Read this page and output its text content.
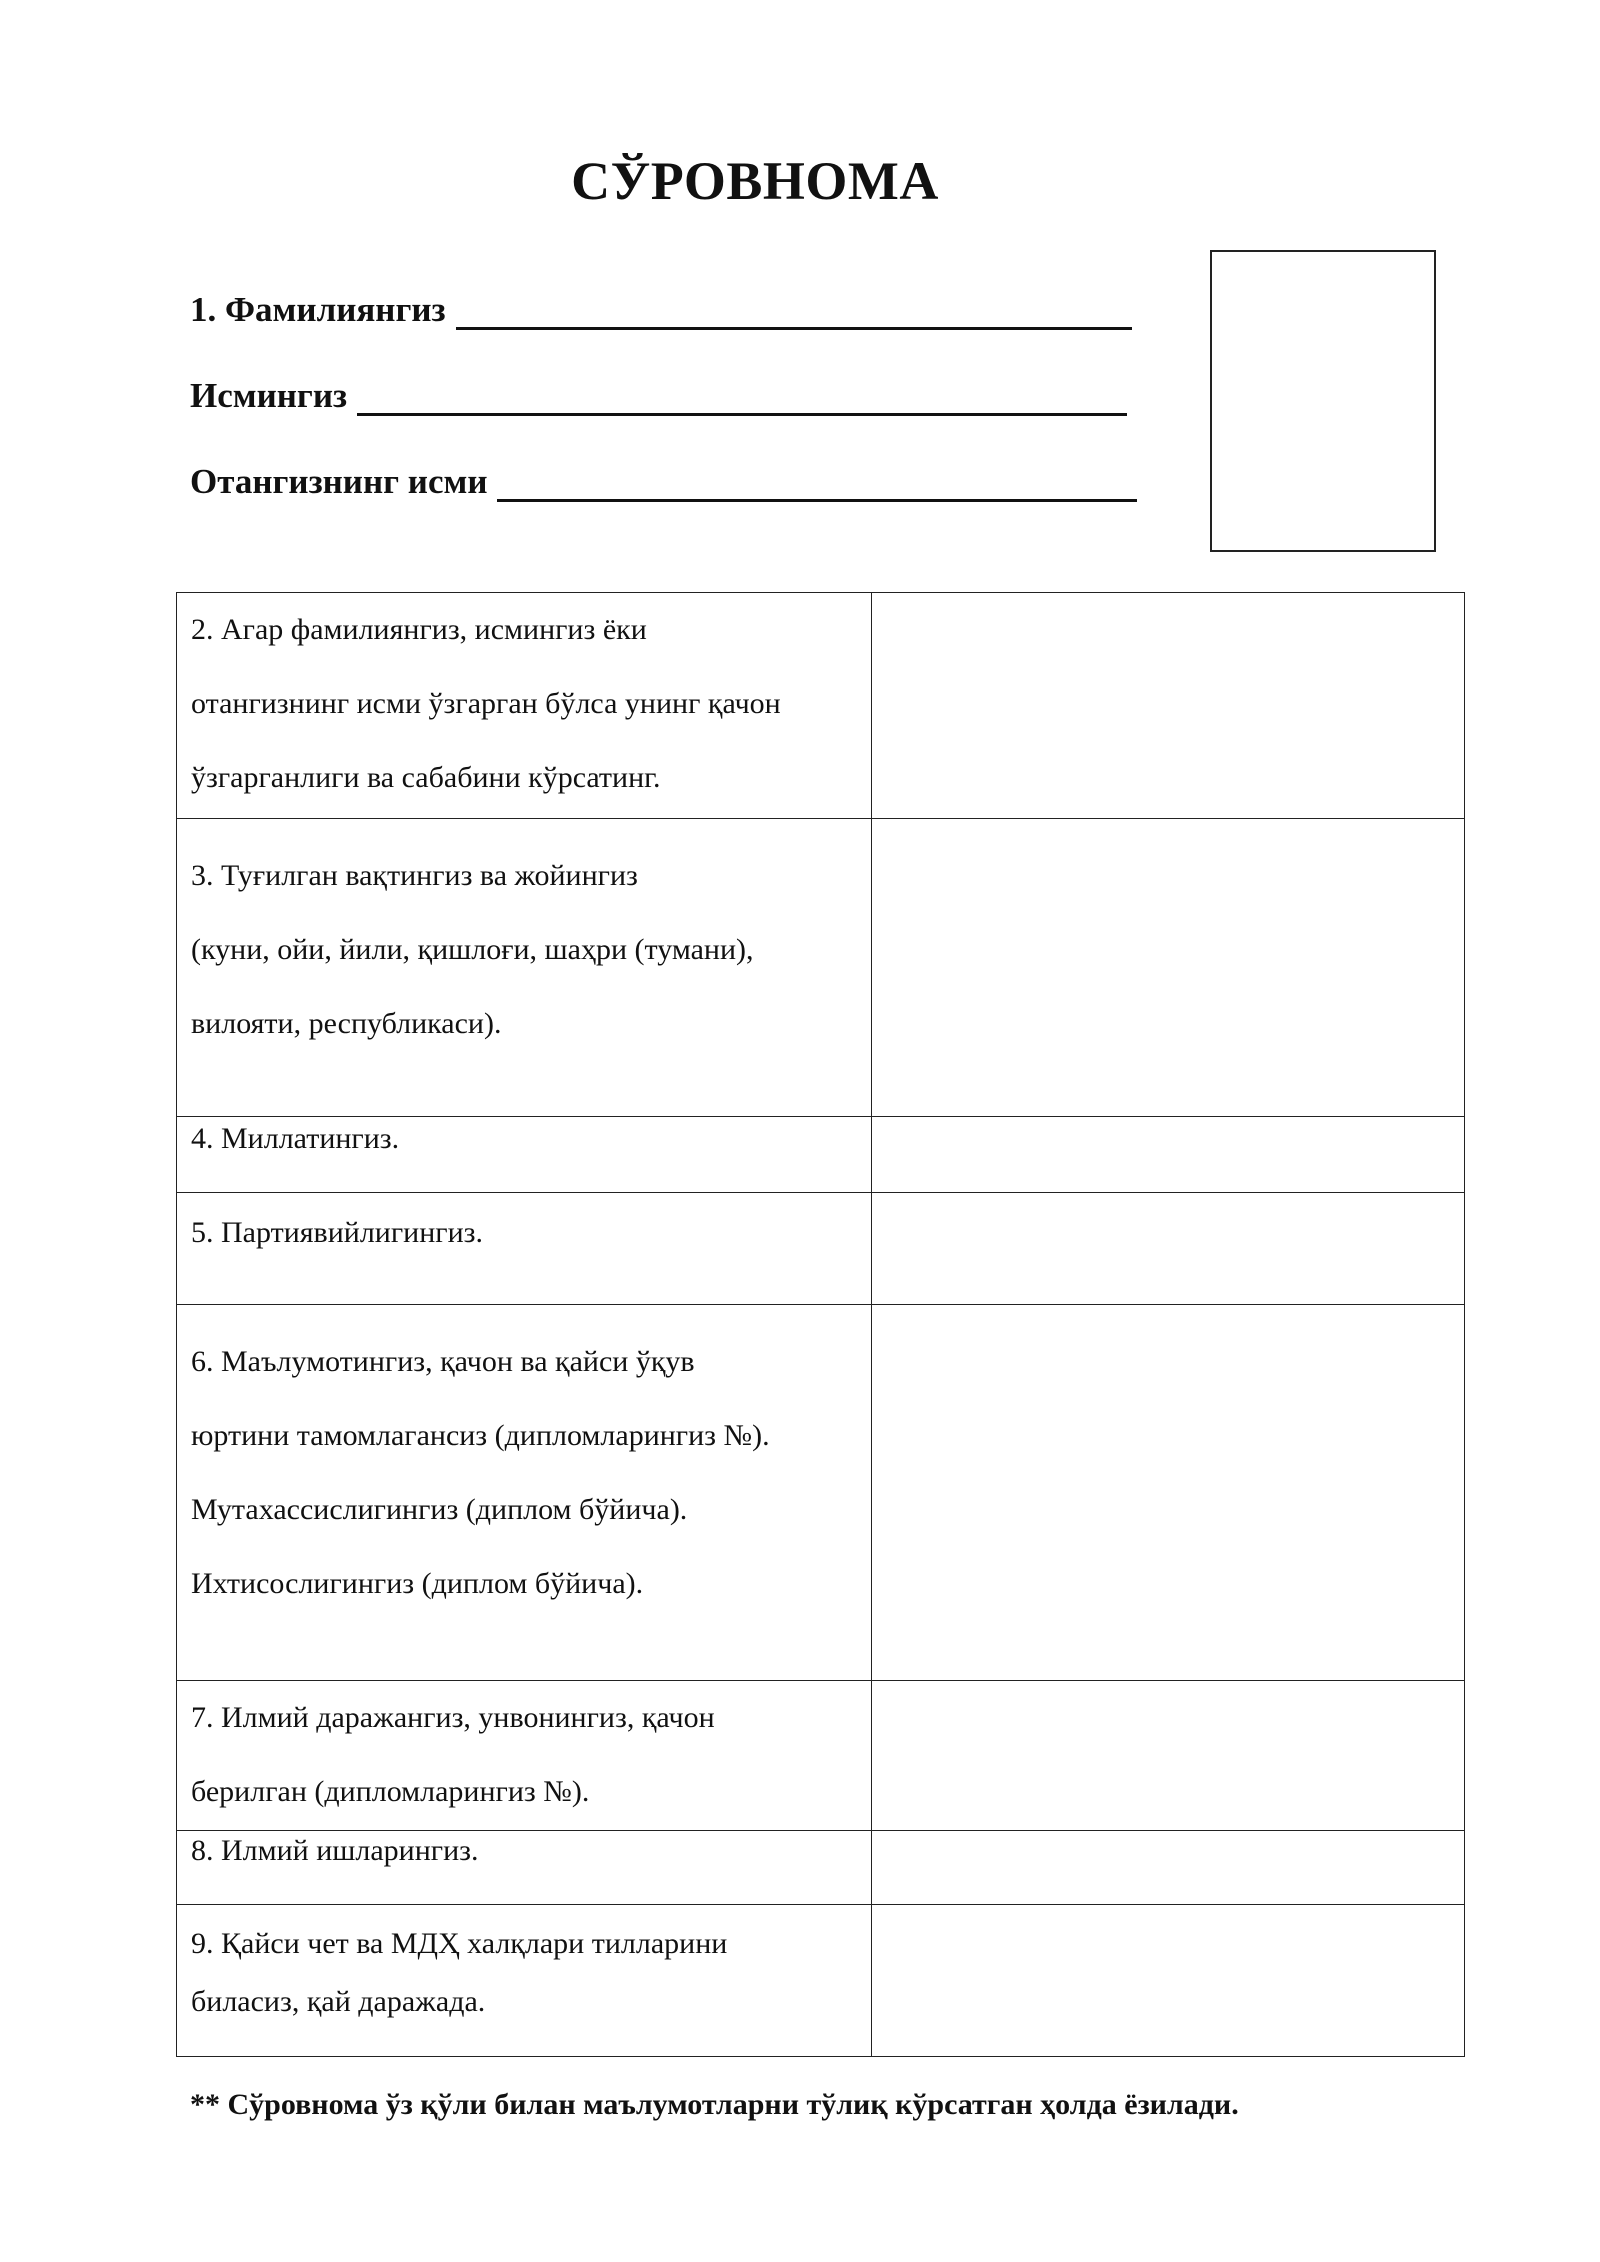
СЎРОВНОМА
1. Фамилиянгиз
Исмингиз
Отангизнинг исми
2. Агар фамилиянгиз, исмингиз ёки
отангизнинг исми ўзгарган бўлса унинг қачон
ўзгарганлиги ва сабабини кўрсатинг.	

3. Туғилган вақтингиз ва жойингиз
(куни, ойи, йили, қишлоғи, шаҳри (тумани),
вилояти, республикаси).	

4. Миллатингиз.	

5. Партиявийлигингиз.	

6. Маълумотингиз, қачон ва қайси ўқув
юртини тамомлагансиз (дипломларингиз №).
Мутахассислигингиз (диплом бўйича).
Ихтисослигингиз (диплом бўйича).	

7. Илмий даражангиз, унвонингиз, қачон
берилган (дипломларингиз №).	

8. Илмий ишларингиз.	

9. Қайси чет ва МДҲ халқлари тилларини
биласиз, қай даражада.	

** Сўровнома ўз қўли билан маълумотларни тўлиқ кўрсатган ҳолда ёзилади.
